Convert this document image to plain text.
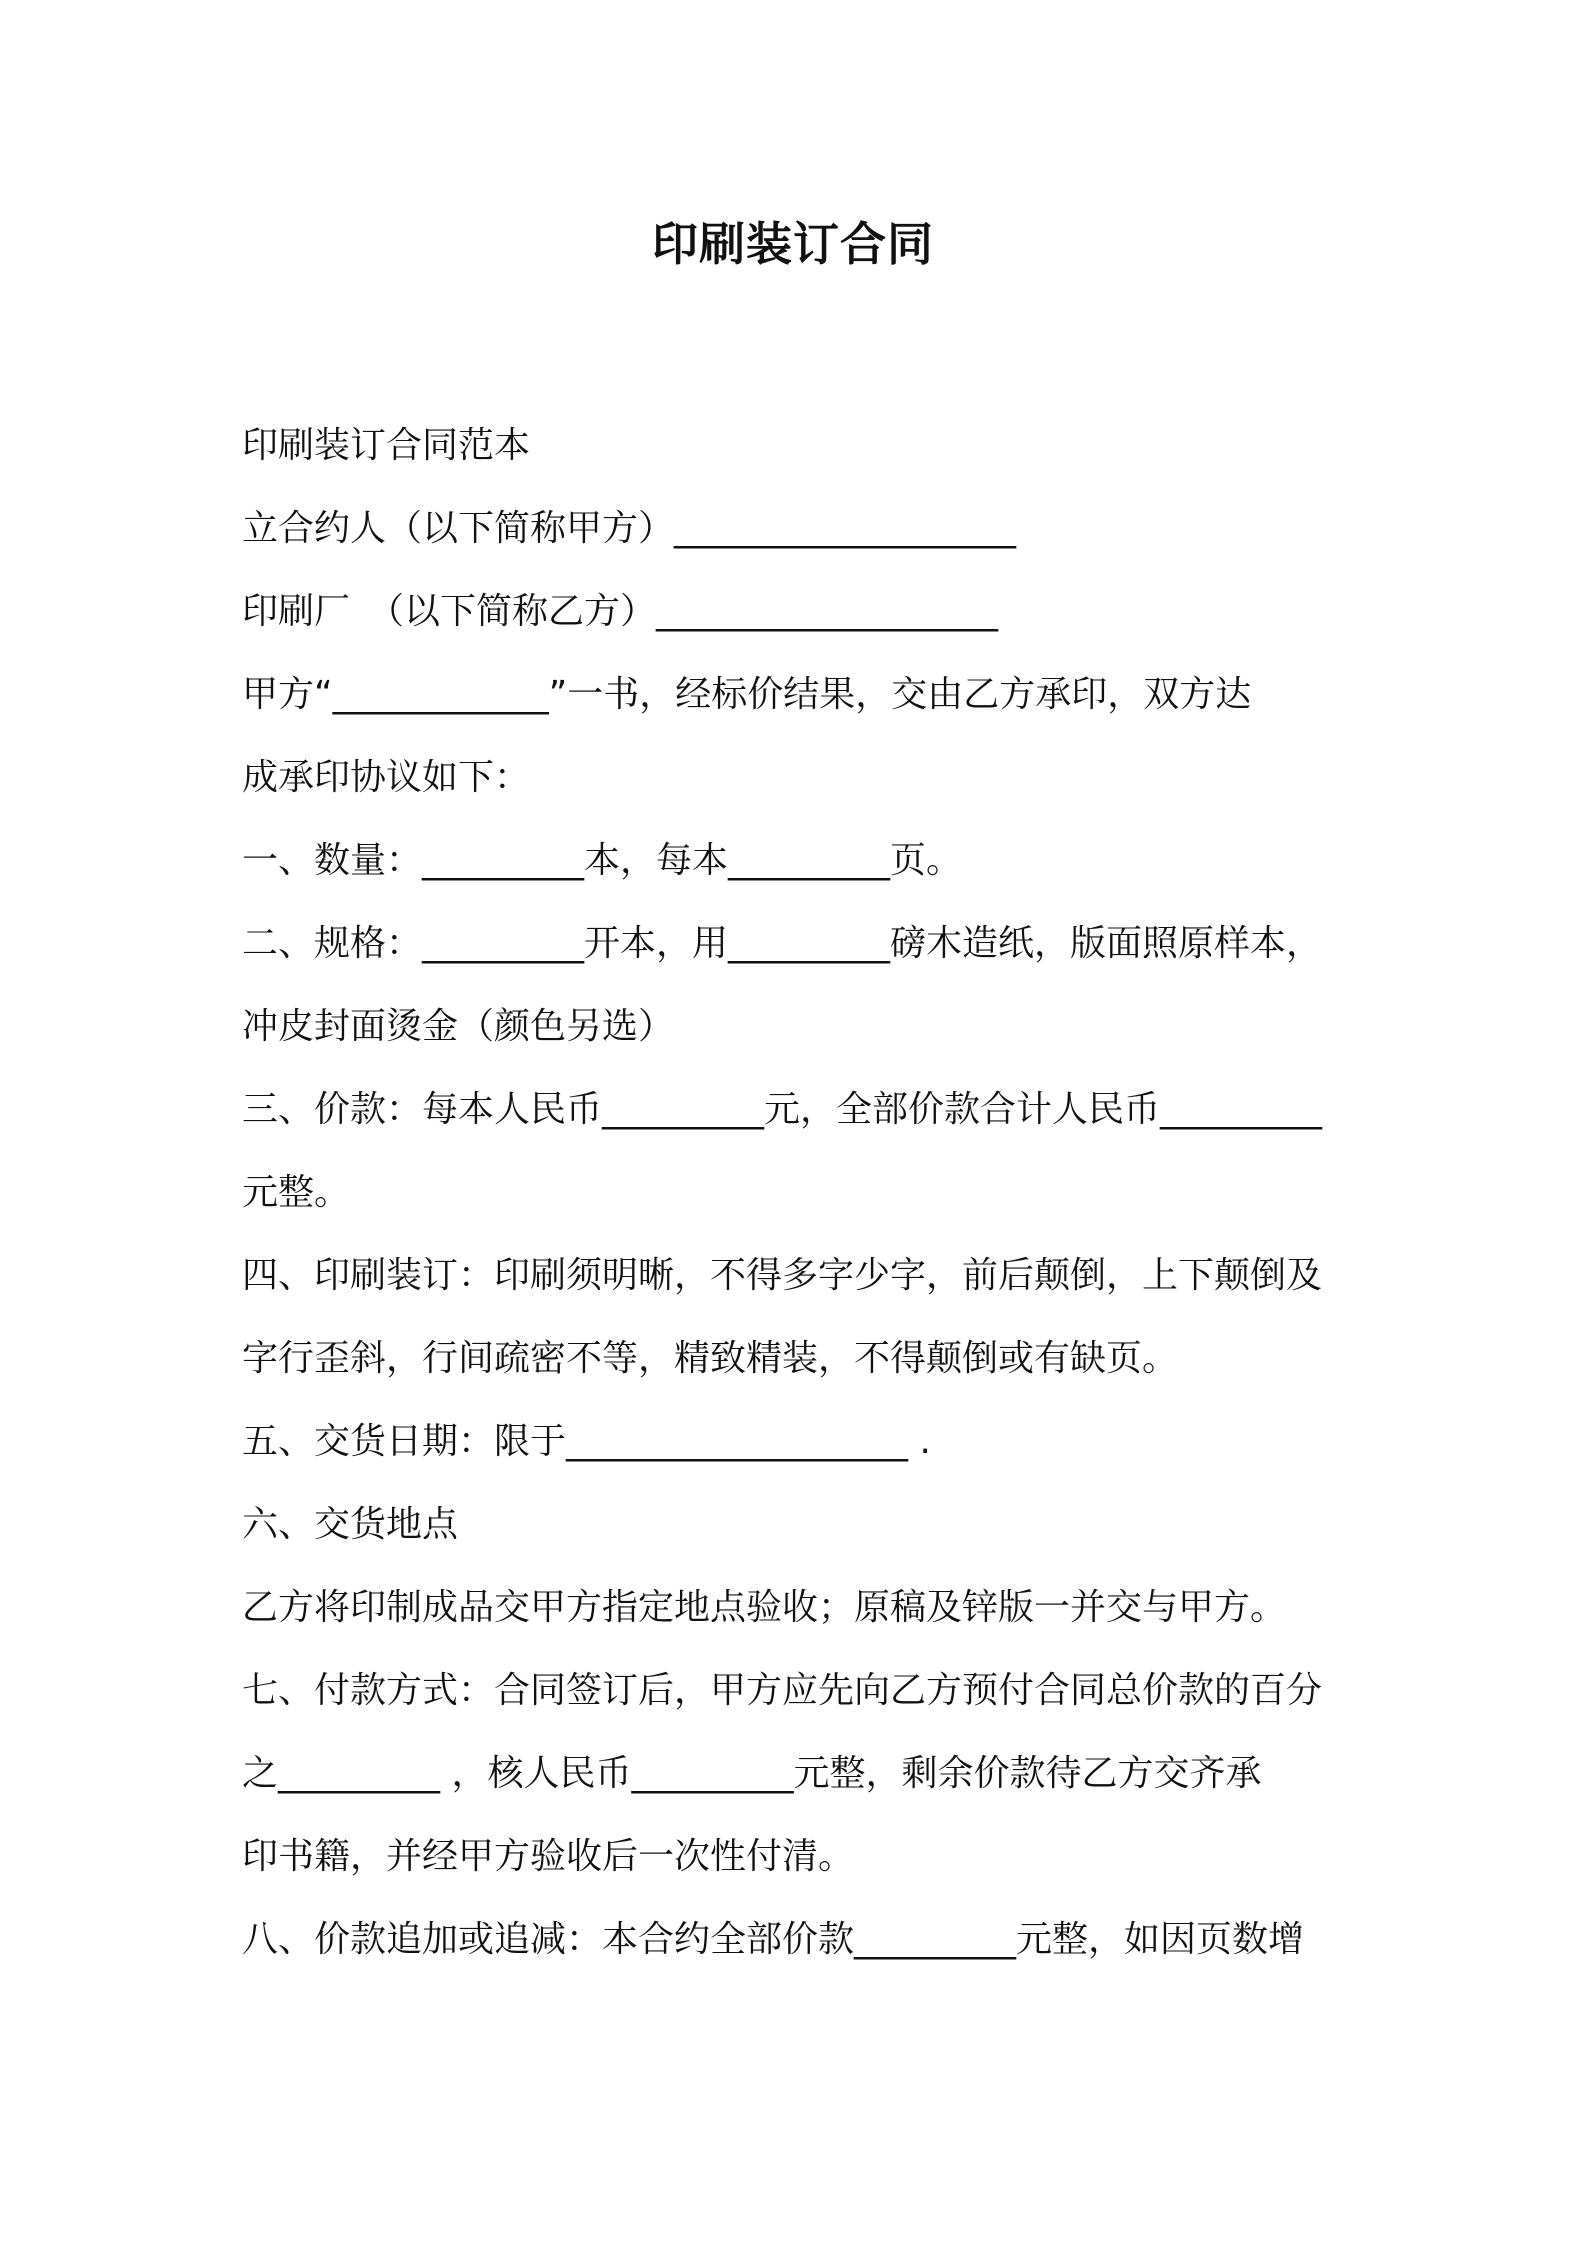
印刷装订合同
印刷装订合同范本
立合约人（以下简称甲方）___________________
印刷厂　（以下简称乙方）___________________
甲方“____________”一书，经标价结果，交由乙方承印，双方达
成承印协议如下：
一、数量：_________本，每本_________页。
二、规格：_________开本，用_________磅木造纸，版面照原样本，
冲皮封面烫金（颜色另选）
三、价款：每本人民币_________元，全部价款合计人民币_________
元整。
四、印刷装订：印刷须明晰，不得多字少字，前后颠倒，上下颠倒及
字行歪斜，行间疏密不等，精致精装，不得颠倒或有缺页。
五、交货日期：限于___________________ .
六、交货地点
乙方将印制成品交甲方指定地点验收；原稿及锌版一并交与甲方。
七、付款方式：合同签订后，甲方应先向乙方预付合同总价款的百分
之_________ ，核人民币_________元整，剩余价款待乙方交齐承
印书籍，并经甲方验收后一次性付清。
八、价款追加或追减：本合约全部价款_________元整，如因页数增
